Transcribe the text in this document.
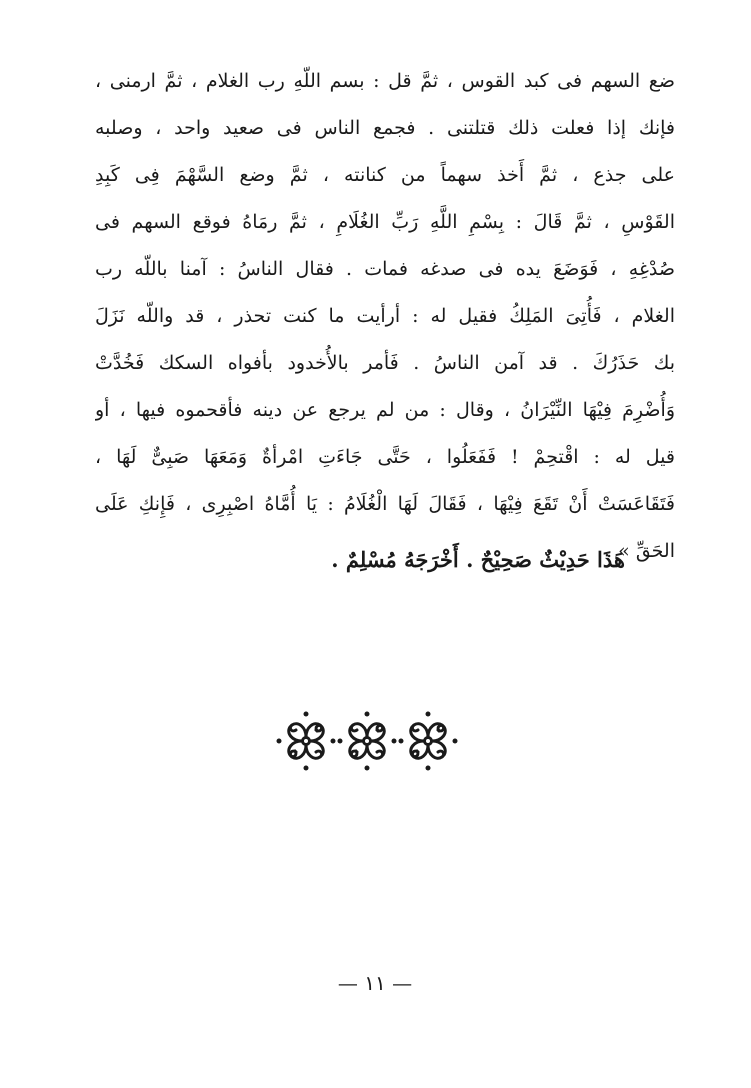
ضع السهم فى كبد القوس ، ثمَّ قل : بسم اللّهِ رب الغلام ، ثمَّ ارمنى ،
فإنك إذا فعلت ذلك قتلتنى . فجمع الناس فى صعيد واحد ، وصلبه
على جذع ، ثمَّ أَخذ سهماً من كنانته ، ثمَّ وضع السَّهْمَ فِى كَبِدِ
القَوْسِ ، ثمَّ قَالَ : بِسْمِ اللَّهِ رَبِّ الغُلَامِ ، ثمَّ رمَاهُ فوقع السهم فى
صُدْغِهِ ، فَوَضَعَ يده فى صدغه فمات . فقال الناسُ : آمنا باللّه رب
الغلام ، فَأُتِىَ المَلِكُ فقيل له : أرأيت ما كنت تحذر ، قد واللّه نَزَلَ
بك حَذَرُكَ . قد آمن الناسُ . فَأمر بالأُخدود بأفواه السكك فَخُدَّتْ
وَأُضْرِمَ فِيْهَا النِّيْرَانُ ، وقال : من لم يرجع عن دينه فأقحموه فيها ، أو
قيل له : اقْتحِمْ ! فَفَعَلُوا ، حَتَّى جَاءَتِ امْرأةٌ وَمَعَهَا صَبِىٌّ لَهَا ،
فَتَقَاعَسَتْ أَنْ تَقَعَ فِيْهَا ، فَقَالَ لَهَا الْغُلَامُ : يَا أُمَّاهُ اصْبِرِى ، فَإِنكِ عَلَى
الحَقِّ » .
هَذَا حَدِيْثٌ صَحِيْحٌ . أَخْرَجَهُ مُسْلِمٌ .
— ١١ —
